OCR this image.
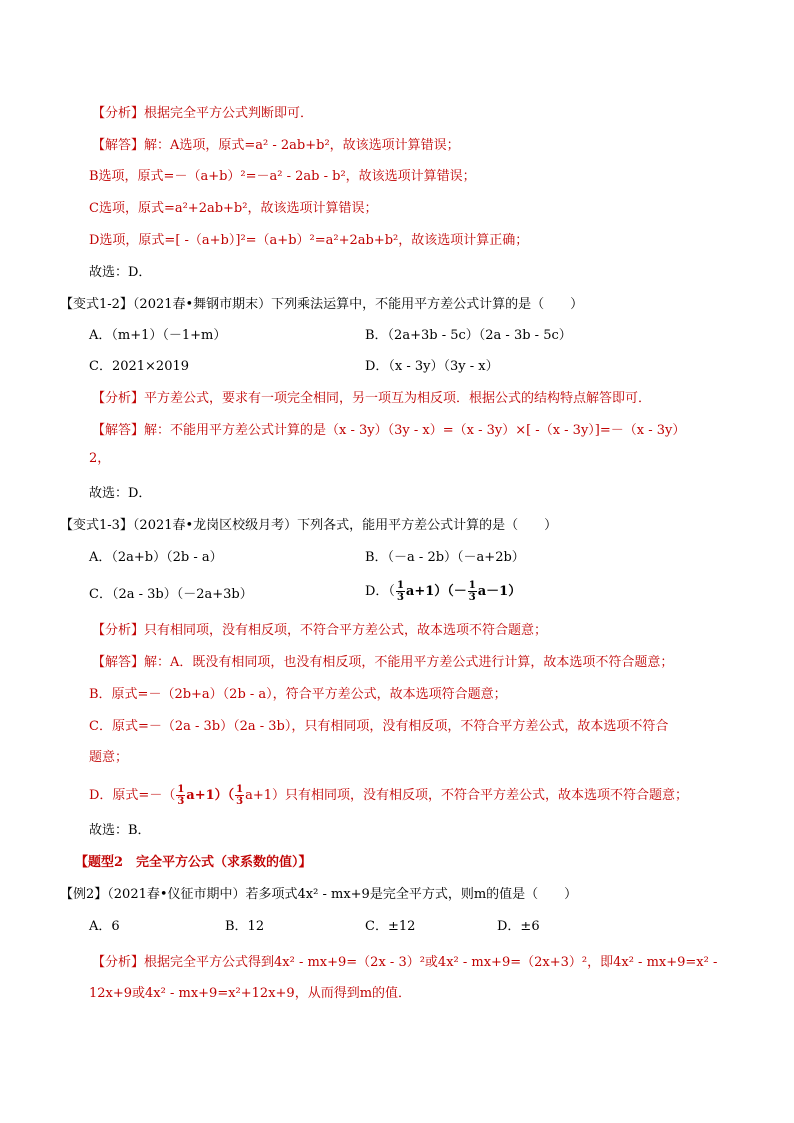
【分析】根据完全平方公式判断即可．
【解答】解：A选项，原式=a² - 2ab+b²，故该选项计算错误；
B选项，原式=－（a+b）²=－a² - 2ab - b²，故该选项计算错误；
C选项，原式=a²+2ab+b²，故该选项计算错误；
D选项，原式=[ -（a+b）]²=（a+b）²=a²+2ab+b²，故该选项计算正确；
故选：D．
【变式1-2】（2021春•舞钢市期末）下列乘法运算中，不能用平方差公式计算的是（　　）
A．（m+1）（－1+m）	B．（2a+3b - 5c）（2a - 3b - 5c）
C．2021×2019	D．（x - 3y）（3y - x）
【分析】平方差公式，要求有一项完全相同，另一项互为相反项．根据公式的结构特点解答即可．
【解答】解：不能用平方差公式计算的是（x - 3y）（3y - x）=（x - 3y）×[ -（x - 3y）]=－（x - 3y）
2，
故选：D．
【变式1-3】（2021春•龙岗区校级月考）下列各式，能用平方差公式计算的是（　　）
A．（2a+b）（2b - a）	B．（－a - 2b）（－a+2b）
C．（2a - 3b）（－2a+3b）	D．（ $\frac{1}{3} a+1)(- \frac{1}{3} a-1)$
【分析】只有相同项，没有相反项，不符合平方差公式，故本选项不符合题意；
【解答】解：A．既没有相同项，也没有相反项，不能用平方差公式进行计算，故本选项不符合题意；
B．原式=－（2b+a）（2b - a），符合平方差公式，故本选项符合题意；
C．原式=－（2a - 3b）（2a - 3b），只有相同项，没有相反项，不符合平方差公式，故本选项不符合
题意；
D．原式=－（ $\frac{1}{3} a+1)( \frac{1}{3} a+1)$只有相同项，没有相反项，不符合平方差公式，故本选项不符合题意；
故选：B．
【题型2　完全平方公式（求系数的值）】
【例2】（2021春•仪征市期中）若多项式4x² - mx+9是完全平方式，则m的值是（　　）
A．6	B．12	C．±12	D．±6
【分析】根据完全平方公式得到4x² - mx+9=（2x - 3）²或4x² - mx+9=（2x+3）²，即4x² - mx+9=x² -
12x+9或4x² - mx+9=x²+12x+9，从而得到m的值．
